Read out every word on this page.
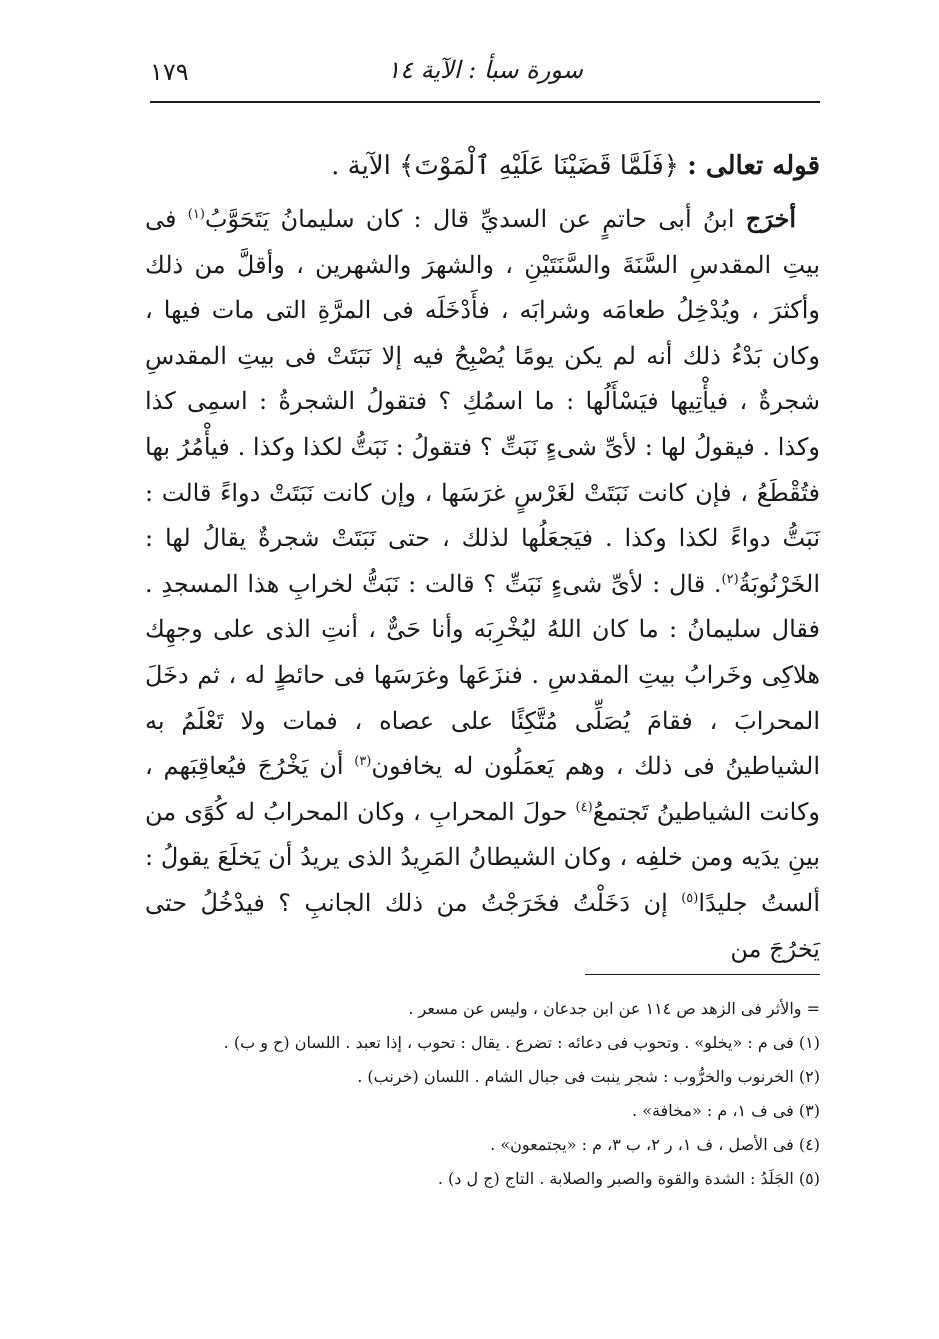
سورة سبأ : الآية ١٤
١٧٩

قوله تعالى : ﴿فَلَمَّا قَضَيْنَا عَلَيْهِ ٱلْمَوْتَ﴾ الآية .

أخرَج ابنُ أبى حاتمٍ عن السديِّ قال : كان سليمانُ يَتَحَوَّبُ$^{(١)}$ فى بيتِ المقدسِ السَّنَةَ والسَّنَتَيْنِ ، والشهرَ والشهرين ، وأقلَّ من ذلك وأكثرَ ، ويُدْخِلُ طعامَه وشرابَه ، فأَدْخَلَه فى المرَّةِ التى مات فيها ، وكان بَدْءُ ذلك أنه لم يكن يومًا يُصْبِحُ فيه إلا نَبَتَتْ فى بيتِ المقدسِ شجرةٌ ، فيأْتِيها فيَسْأَلُها : ما اسمُكِ ؟ فتقولُ الشجرةُ : اسمِى كذا وكذا . فيقولُ لها : لأىِّ شىءٍ نَبَتِّ ؟ فتقولُ : نَبَتُّ لكذا وكذا . فيأْمُرُ بها فتُقْطَعُ ، فإن كانت نَبَتَتْ لغَرْسٍ غرَسَها ، وإن كانت نَبَتَتْ دواءً قالت : نَبَتُّ دواءً لكذا وكذا . فيَجعَلُها لذلك ، حتى نَبَتَتْ شجرةٌ يقالُ لها : الخَرْنُوبَةُ$^{(٢)}$. قال : لأىِّ شىءٍ نَبَتِّ ؟ قالت : نَبَتُّ لخرابِ هذا المسجدِ . فقال سليمانُ : ما كان اللهُ ليُخْرِبَه وأنا حَىٌّ ، أنتِ الذى على وجهِك هلاكِى وخَرابُ بيتِ المقدسِ . فنزَعَها وغرَسَها فى حائطٍ له ، ثم دخَلَ المحرابَ ، فقامَ يُصَلِّى مُتَّكِئًا على عصاه ، فمات ولا تَعْلَمُ به الشياطينُ فى ذلك ، وهم يَعمَلُون له يخافون$^{(٣)}$ أن يَخْرُجَ فيُعاقِبَهم ، وكانت الشياطينُ تَجتمعُ$^{(٤)}$ حولَ المحرابِ ، وكان المحرابُ له كُوًى من بينِ يدَيه ومن خلفِه ، وكان الشيطانُ المَرِيدُ الذى يريدُ أن يَخلَعَ يقولُ : ألستُ جليدًا$^{(٥)}$ إن دَخَلْتُ فخَرَجْتُ من ذلك الجانبِ ؟ فيدْخُلُ حتى يَخرُجَ من

= والأثر فى الزهد ص ١١٤ عن ابن جدعان ، وليس عن مسعر .

(١) فى م : «يخلو» . وتحوب فى دعائه : تضرع . يقال : تحوب ، إذا تعبد . اللسان (ح و ب) .

(٢) الخرنوب والخرُّوب : شجر ينبت فى جبال الشام . اللسان (خرنب) .

(٣) فى ف ١، م : «مخافة» .

(٤) فى الأصل ، ف ١، ر ٢، ب ٣، م : «يجتمعون» .

(٥) الجَلَدُ : الشدة والقوة والصبر والصلابة . التاج (ج ل د) .
